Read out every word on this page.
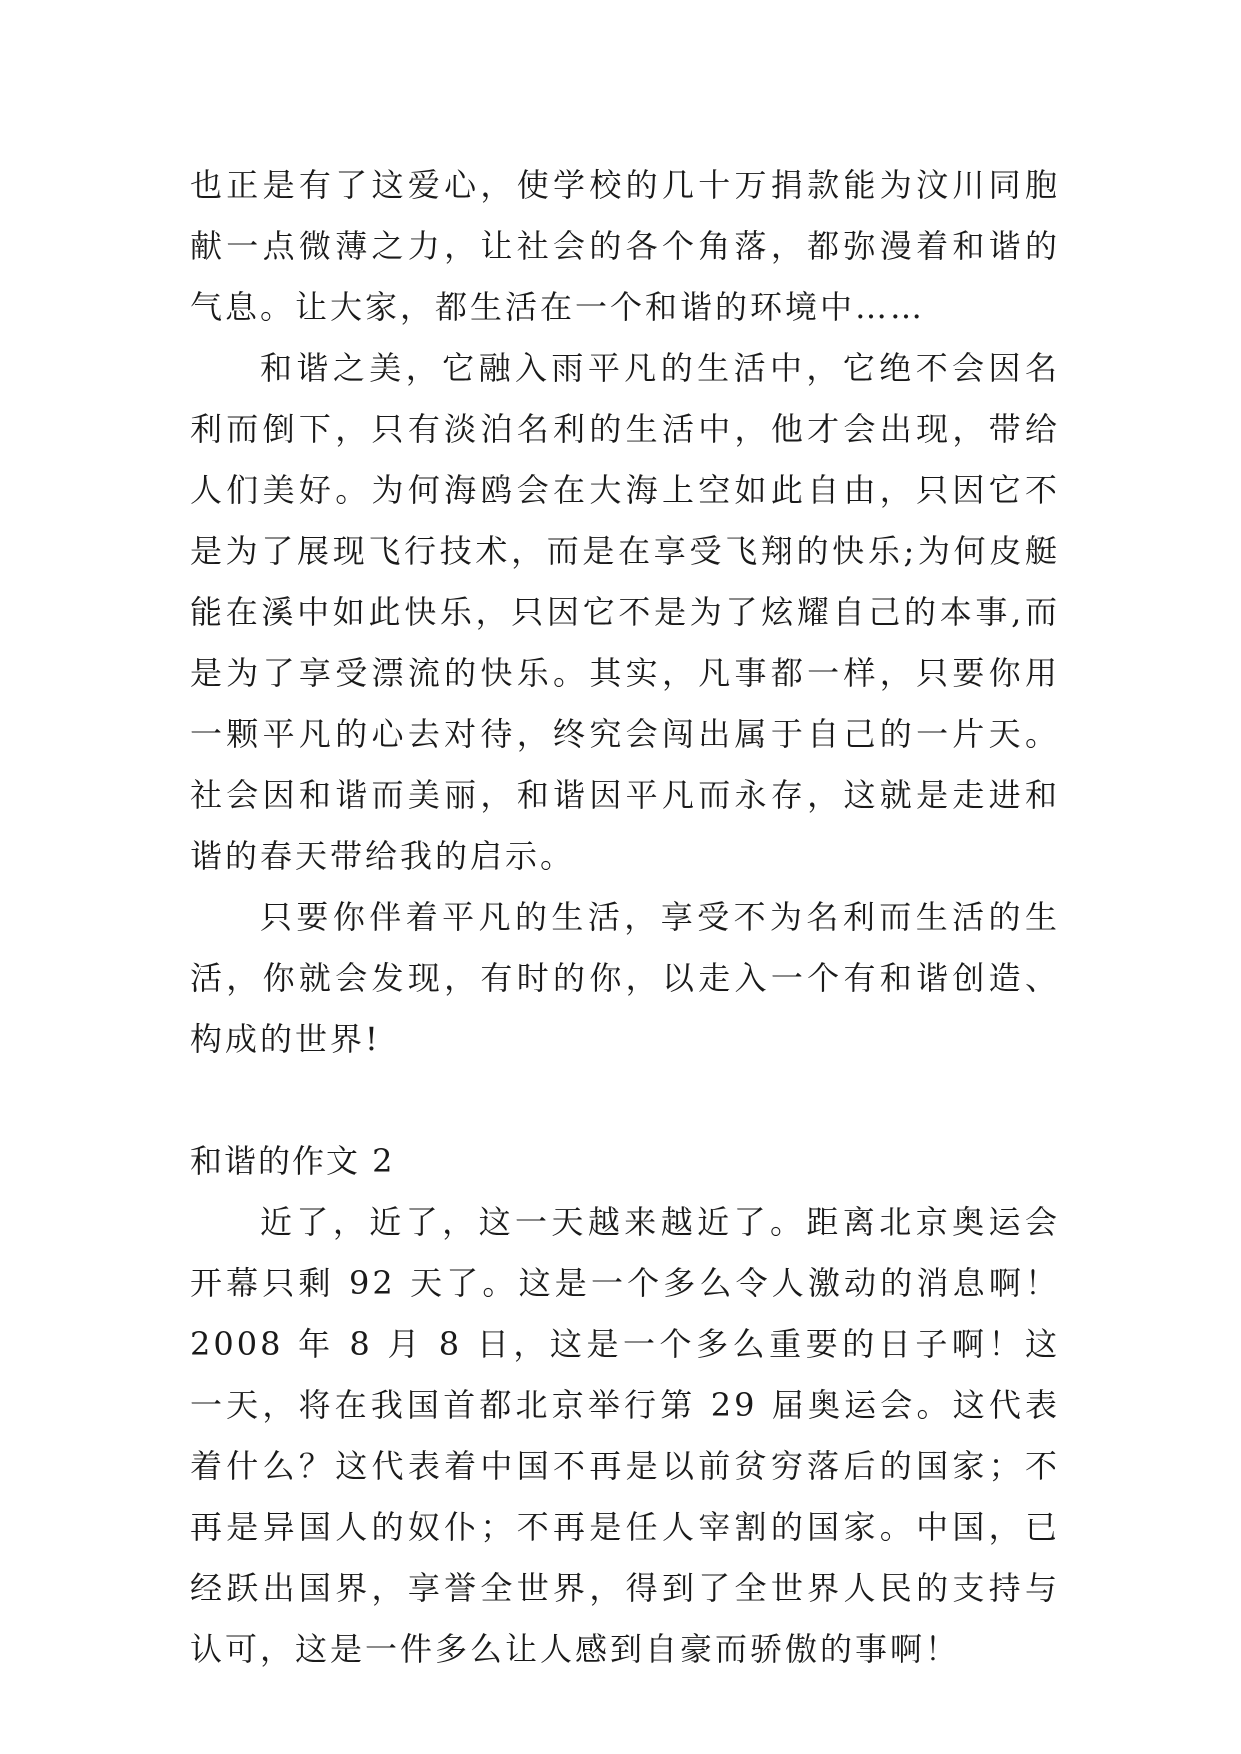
也正是有了这爱心，使学校的几十万捐款能为汶川同胞献一点微薄之力，让社会的各个角落，都弥漫着和谐的气息。让大家，都生活在一个和谐的环境中……

和谐之美，它融入雨平凡的生活中，它绝不会因名利而倒下，只有淡泊名利的生活中，他才会出现，带给人们美好。为何海鸥会在大海上空如此自由，只因它不是为了展现飞行技术，而是在享受飞翔的快乐;为何皮艇能在溪中如此快乐，只因它不是为了炫耀自己的本事,而是为了享受漂流的快乐。其实，凡事都一样，只要你用一颗平凡的心去对待，终究会闯出属于自己的一片天。 社会因和谐而美丽，和谐因平凡而永存，这就是走进和谐的春天带给我的启示。

只要你伴着平凡的生活，享受不为名利而生活的生活，你就会发现，有时的你，以走入一个有和谐创造、构成的世界!

和谐的作文 2

近了，近了，这一天越来越近了。距离北京奥运会开幕只剩 92 天了。这是一个多么令人激动的消息啊！2008 年 8 月 8 日，这是一个多么重要的日子啊！这一天，将在我国首都北京举行第 29 届奥运会。这代表着什么？这代表着中国不再是以前贫穷落后的国家；不再是异国人的奴仆；不再是任人宰割的国家。中国，已经跃出国界，享誉全世界，得到了全世界人民的支持与认可，这是一件多么让人感到自豪而骄傲的事啊！
